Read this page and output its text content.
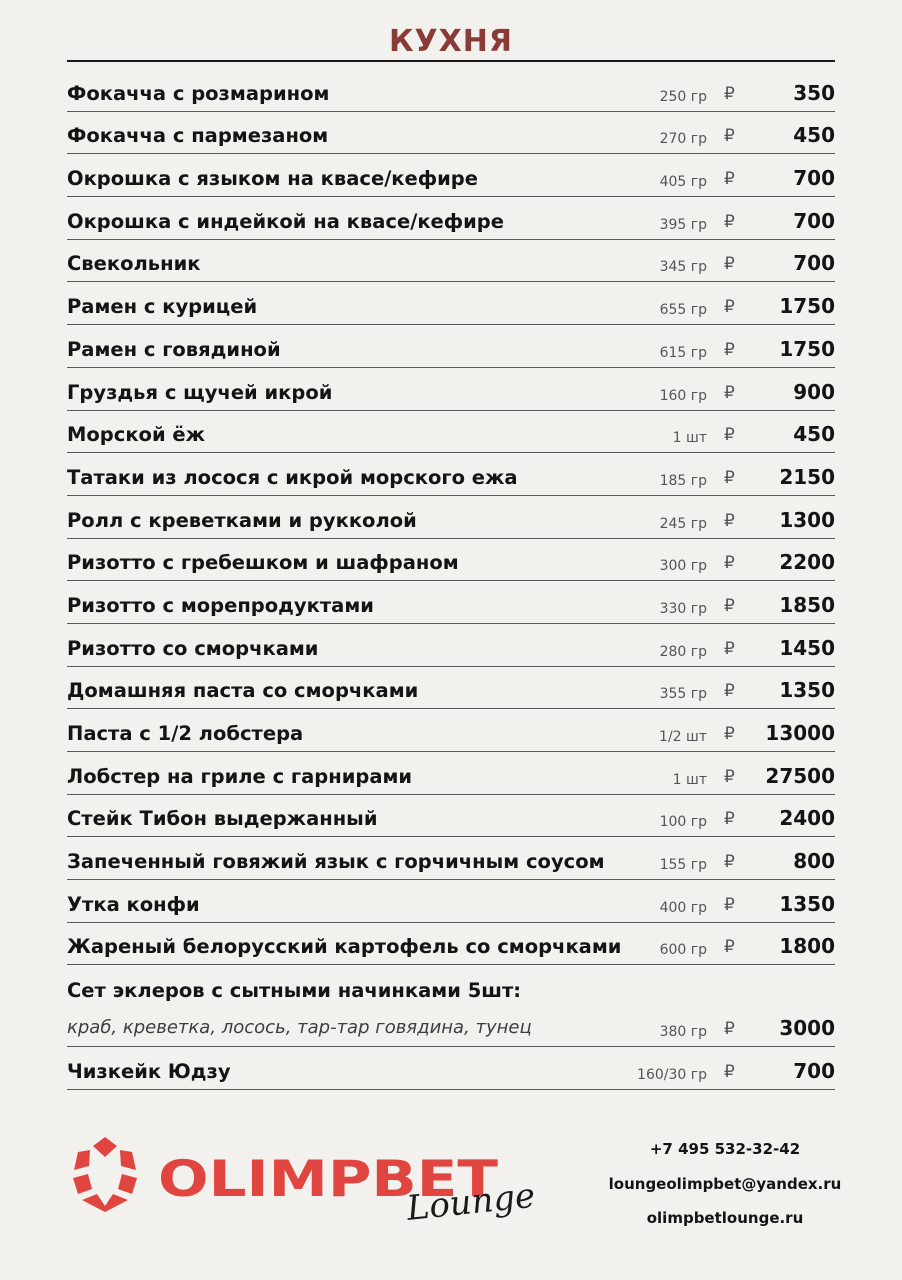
КУХНЯ
Фокачча с розмарином	250 гр ₽	350
Фокачча с пармезаном	270 гр ₽	450
Окрошка с языком на квасе/кефире	405 гр ₽	700
Окрошка с индейкой на квасе/кефире	395 гр ₽	700
Свекольник	345 гр ₽	700
Рамен с курицей	655 гр ₽ 1750
Рамен с говядиной	615 гр ₽ 1750
Груздья с щучей икрой	160 гр ₽	900
Морской ёж	1 шт ₽	450
Татаки из лосося с икрой морского ежа	185 гр ₽ 2150
Ролл с креветками и рукколой	245 гр ₽ 1300
Ризотто с гребешком и шафраном	300 гр ₽ 2200
Ризотто с морепродуктами	330 гр ₽ 1850
Ризотто со сморчками	280 гр ₽ 1450
Домашняя паста со сморчками	355 гр ₽ 1350
Паста с 1/2 лобстера	1/2 шт ₽ 13000
Лобстер на гриле с гарнирами	1 шт ₽ 27500
Стейк Тибон выдержанный	100 гр ₽ 2400
Запеченный говяжий язык с горчичным соусом	155 гр ₽	800
Утка конфи	400 гр ₽ 1350
Жареный белорусский картофель со сморчками	600 гр ₽ 1800
Сет эклеров с сытными начинками 5шт:
краб, креветка, лосось, тар-тар говядина, тунец	380 гр ₽ 3000
Чизкейк Юдзу	160/30 гр ₽	700
OLIMPBET
Lounge
+7 495 532-32-42
loungeolimpbet@yandex.ru
olimpbetlounge.ru
